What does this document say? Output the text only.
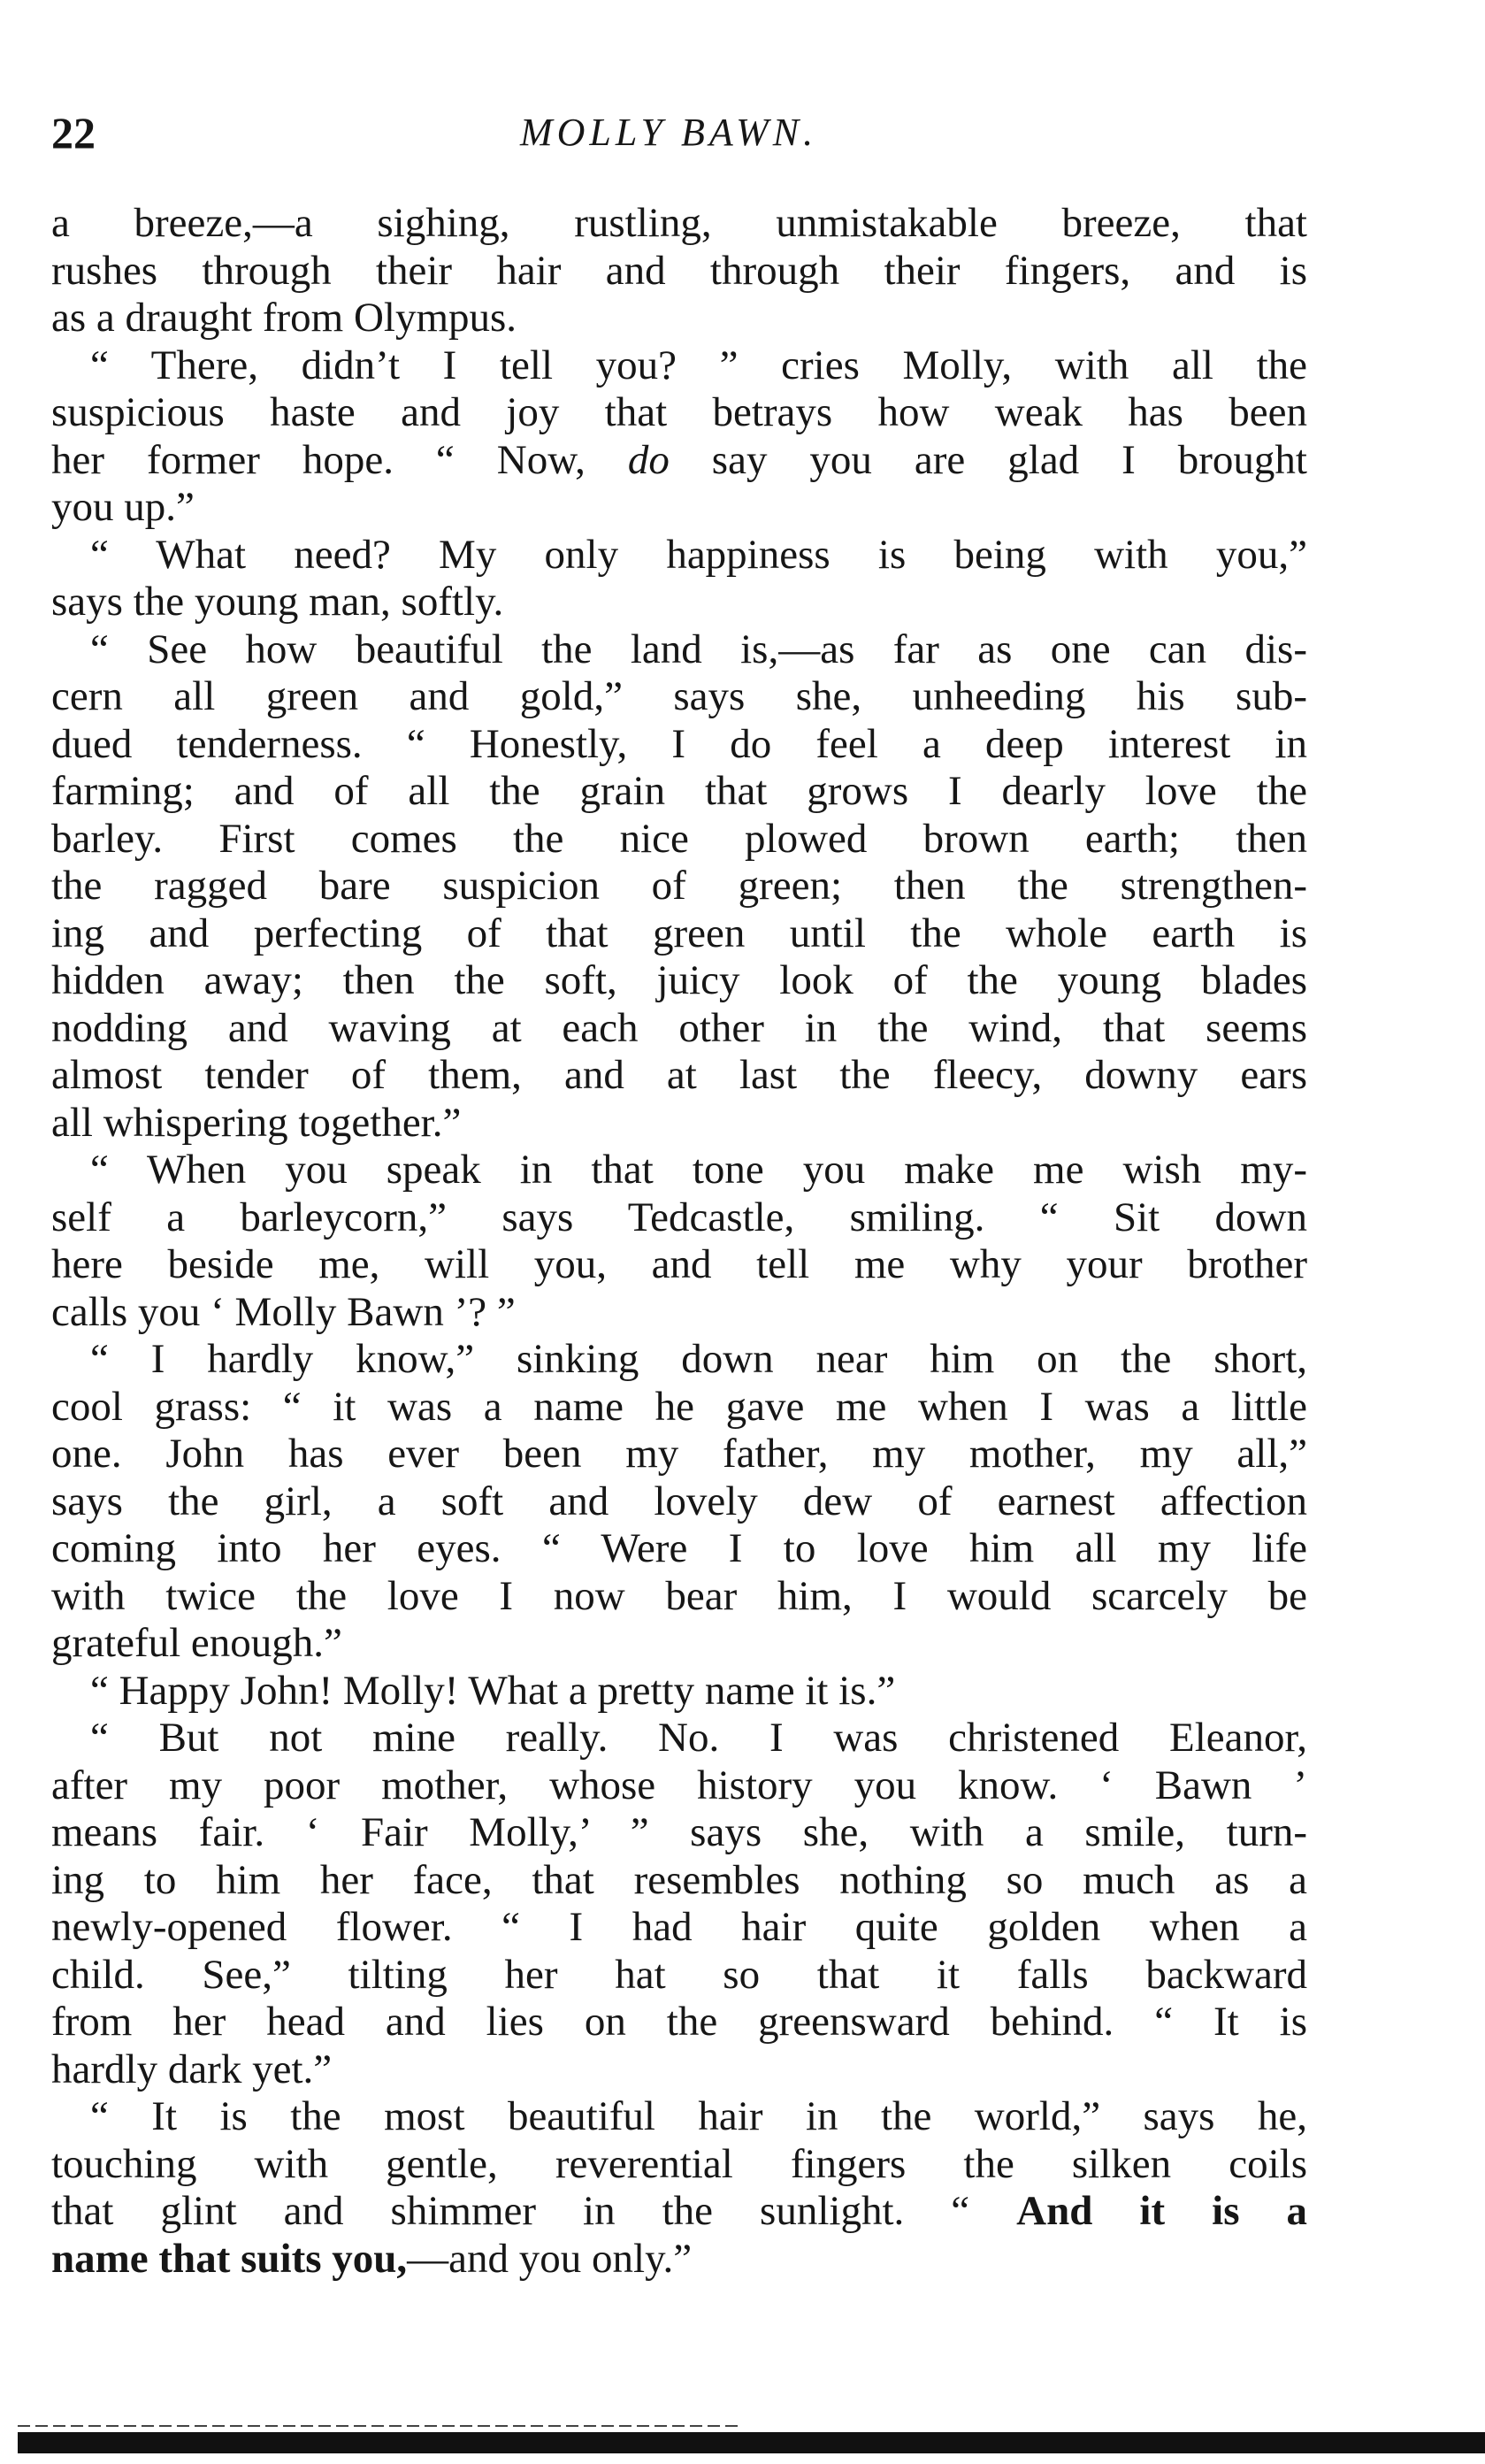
22	MOLLY BAWN.
a breeze,—a sighing, rustling, unmistakable breeze, that
rushes through their hair and through their fingers, and is
as a draught from Olympus.
“ There, didn’t I tell you? ” cries Molly, with all the
suspicious haste and joy that betrays how weak has been
her former hope. “ Now, do say you are glad I brought
you up.”
“ What need? My only happiness is being with you,”
says the young man, softly.
“ See how beautiful the land is,—as far as one can dis-
cern all green and gold,” says she, unheeding his sub-
dued tenderness. “ Honestly, I do feel a deep interest in
farming; and of all the grain that grows I dearly love the
barley. First comes the nice plowed brown earth; then
the ragged bare suspicion of green; then the strengthen-
ing and perfecting of that green until the whole earth is
hidden away; then the soft, juicy look of the young blades
nodding and waving at each other in the wind, that seems
almost tender of them, and at last the fleecy, downy ears
all whispering together.”
“ When you speak in that tone you make me wish my-
self a barleycorn,” says Tedcastle, smiling. “ Sit down
here beside me, will you, and tell me why your brother
calls you ‘ Molly Bawn ’? ”
“ I hardly know,” sinking down near him on the short,
cool grass: “ it was a name he gave me when I was a little
one. John has ever been my father, my mother, my all,”
says the girl, a soft and lovely dew of earnest affection
coming into her eyes. “ Were I to love him all my life
with twice the love I now bear him, I would scarcely be
grateful enough.”
“ Happy John! Molly! What a pretty name it is.”
“ But not mine really. No. I was christened Eleanor,
after my poor mother, whose history you know. ‘ Bawn ’
means fair. ‘ Fair Molly,’ ” says she, with a smile, turn-
ing to him her face, that resembles nothing so much as a
newly-opened flower. “ I had hair quite golden when a
child. See,” tilting her hat so that it falls backward
from her head and lies on the greensward behind. “ It is
hardly dark yet.”
“ It is the most beautiful hair in the world,” says he,
touching with gentle, reverential fingers the silken coils
that glint and shimmer in the sunlight. “ And it is a
name that suits you,—and you only.”
